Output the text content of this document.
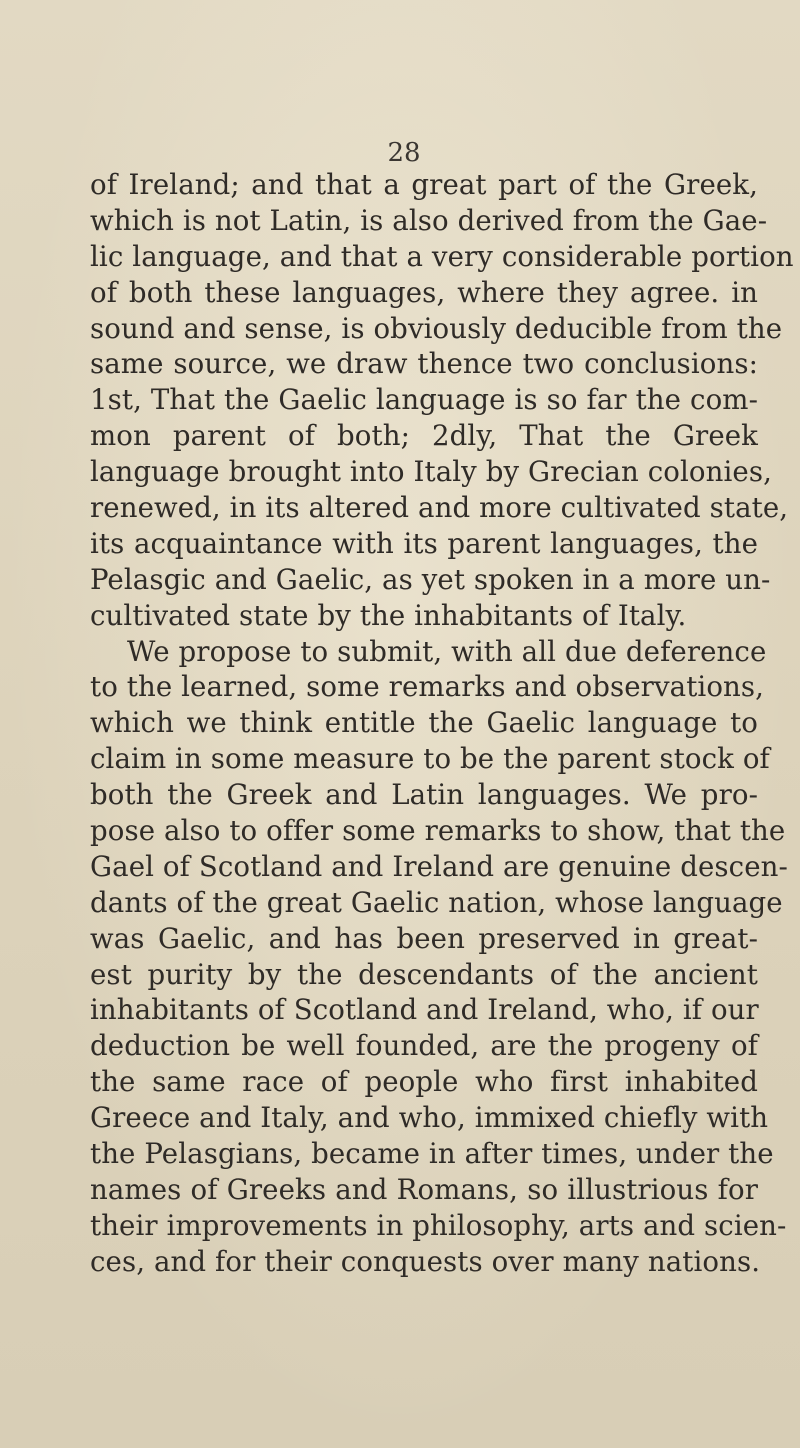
28
of Ireland; and that a great part of the Greek,
which is not Latin, is also derived from the Gae-
lic language, and that a very considerable portion
of both these languages, where they agree. in
sound and sense, is obviously deducible from the
same source, we draw thence two conclusions:
1st, That the Gaelic language is so far the com-
mon parent of both; 2dly, That the Greek
language brought into Italy by Grecian colonies,
renewed, in its altered and more cultivated state,
its acquaintance with its parent languages, the
Pelasgic and Gaelic, as yet spoken in a more un-
cultivated state by the inhabitants of Italy.
We propose to submit, with all due deference
to the learned, some remarks and observations,
which we think entitle the Gaelic language to
claim in some measure to be the parent stock of
both the Greek and Latin languages. We pro-
pose also to offer some remarks to show, that the
Gael of Scotland and Ireland are genuine descen-
dants of the great Gaelic nation, whose language
was Gaelic, and has been preserved in great-
est purity by the descendants of the ancient
inhabitants of Scotland and Ireland, who, if our
deduction be well founded, are the progeny of
the same race of people who first inhabited
Greece and Italy, and who, immixed chiefly with
the Pelasgians, became in after times, under the
names of Greeks and Romans, so illustrious for
their improvements in philosophy, arts and scien-
ces, and for their conquests over many nations.
